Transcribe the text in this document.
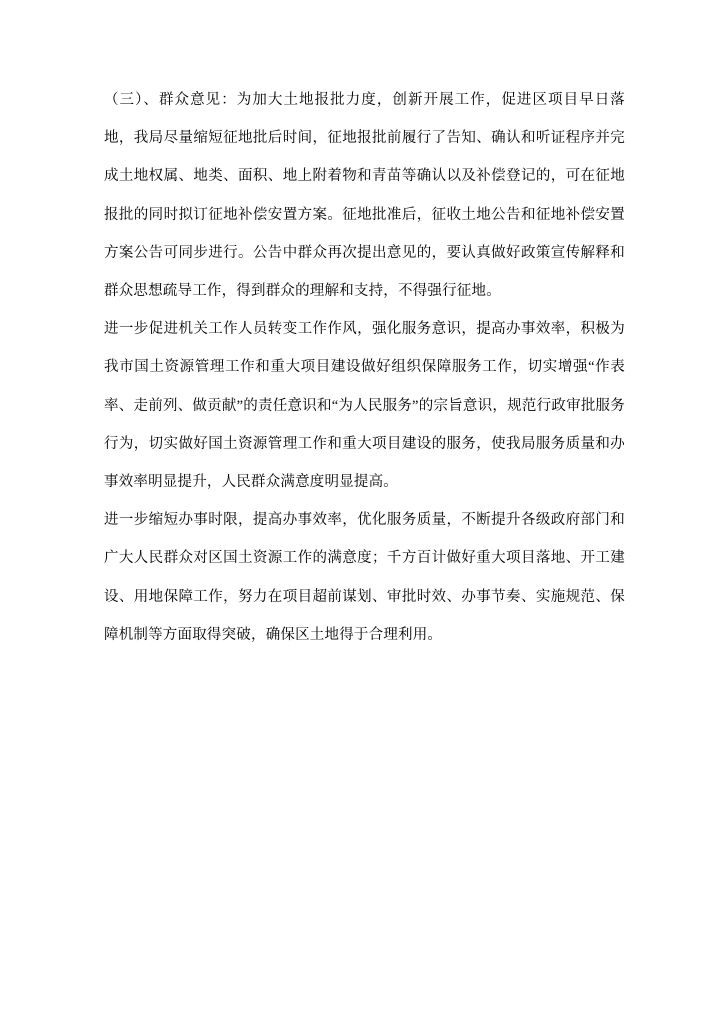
（三）、群众意见：为加大土地报批力度，创新开展工作，促进区项目早日落地，我局尽量缩短征地批后时间，征地报批前履行了告知、确认和听证程序并完成土地权属、地类、面积、地上附着物和青苗等确认以及补偿登记的，可在征地报批的同时拟订征地补偿安置方案。征地批准后，征收土地公告和征地补偿安置方案公告可同步进行。公告中群众再次提出意见的，要认真做好政策宣传解释和群众思想疏导工作，得到群众的理解和支持，不得强行征地。

进一步促进机关工作人员转变工作作风，强化服务意识，提高办事效率，积极为我市国土资源管理工作和重大项目建设做好组织保障服务工作，切实增强“作表率、走前列、做贡献”的责任意识和“为人民服务”的宗旨意识，规范行政审批服务行为，切实做好国土资源管理工作和重大项目建设的服务，使我局服务质量和办事效率明显提升，人民群众满意度明显提高。

进一步缩短办事时限，提高办事效率，优化服务质量，不断提升各级政府部门和广大人民群众对区国土资源工作的满意度；千方百计做好重大项目落地、开工建设、用地保障工作，努力在项目超前谋划、审批时效、办事节奏、实施规范、保障机制等方面取得突破，确保区土地得于合理利用。
